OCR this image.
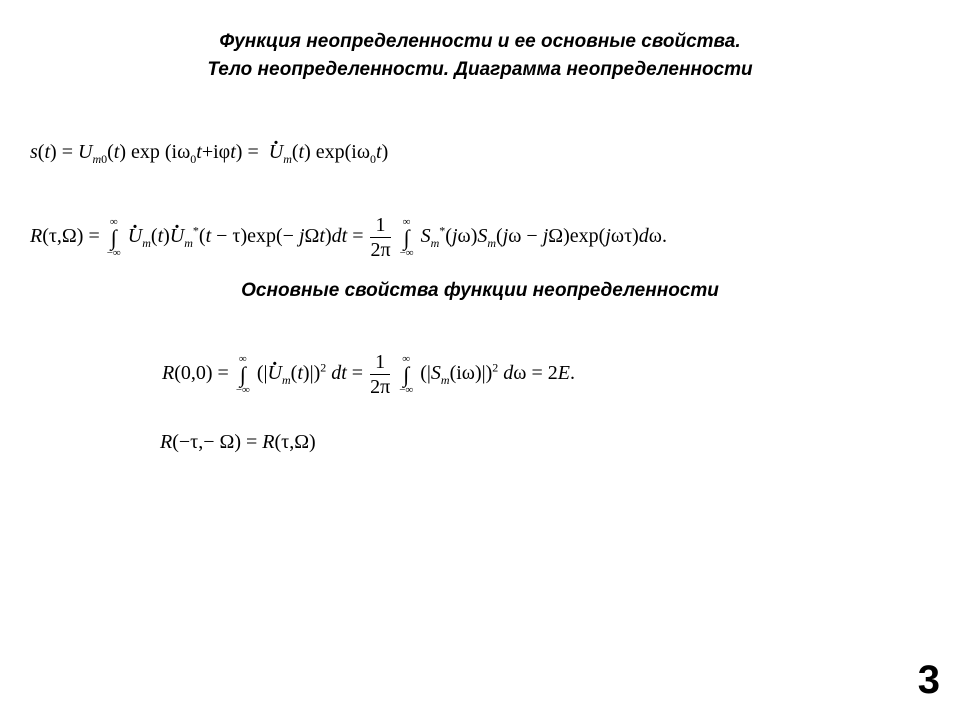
Функция неопределенности и ее основные свойства.
Тело неопределенности. Диаграмма неопределенности
$s(t) = U_{m0}(t)$ $\exp (i\omega_0t+i\varphi t)$ =  . $U_m(t)$ $\exp(i\omega_0t)$
R(τ,Ω) =
∞
∫
−∞
. $U_m(t)$. $U_m^*(t - \tau)\exp(- j\Omega t)dt = \frac{1}{2\pi}$
∞
∫
−∞
$S_m^*(j\omega)S_m(j\omega - j\Omega)\exp(j\omega\tau)d\omega$.
Основные свойства функции неопределенности
R(0,0) =
∞
∫
−∞
(|. $U_m(t)|)^2$ dt = $\frac{1}{2\pi}$
∞
∫
−∞
$(|S_m(i\omega)|)^2$ dω = 2E.
R(−τ,− Ω) = R(τ,Ω)
3
